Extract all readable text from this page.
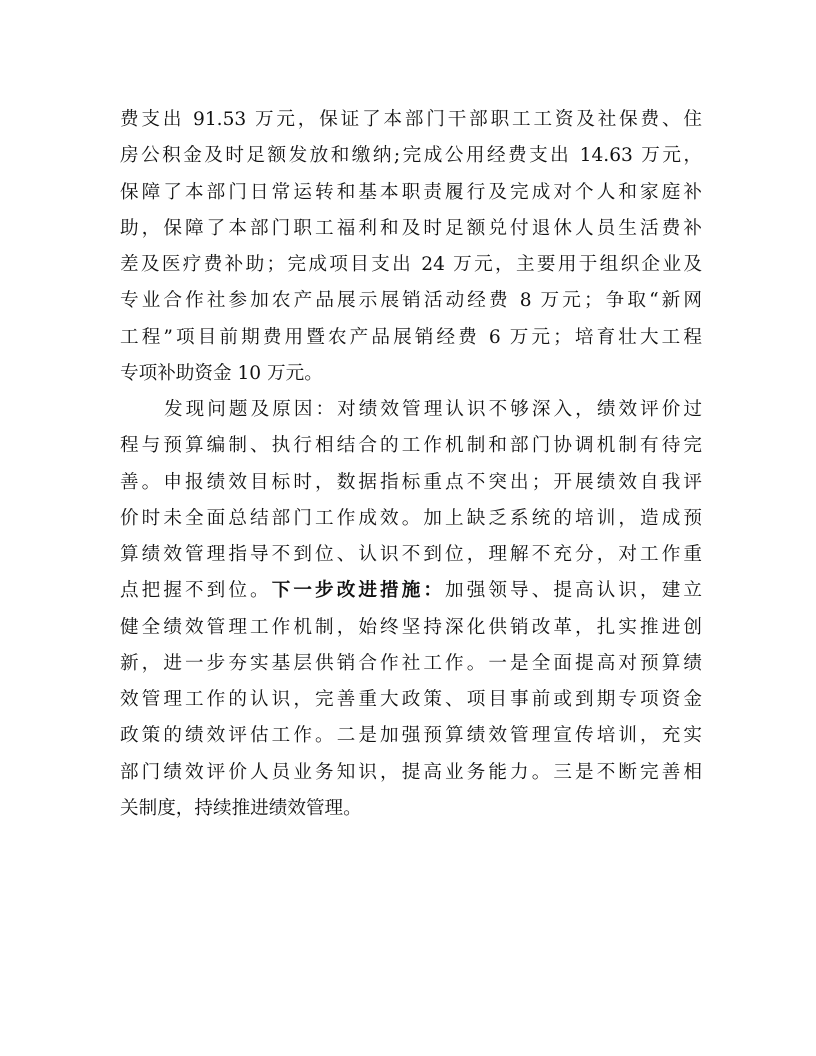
费支出 91.53 万元，保证了本部门干部职工工资及社保费、住
房公积金及时足额发放和缴纳;完成公用经费支出 14.63 万元，
保障了本部门日常运转和基本职责履行及完成对个人和家庭补
助，保障了本部门职工福利和及时足额兑付退休人员生活费补
差及医疗费补助；完成项目支出 24 万元，主要用于组织企业及
专业合作社参加农产品展示展销活动经费 8 万元；争取“新网
工程”项目前期费用暨农产品展销经费 6 万元；培育壮大工程
专项补助资金 10 万元。
发现问题及原因：对绩效管理认识不够深入，绩效评价过
程与预算编制、执行相结合的工作机制和部门协调机制有待完
善。申报绩效目标时，数据指标重点不突出；开展绩效自我评
价时未全面总结部门工作成效。加上缺乏系统的培训，造成预
算绩效管理指导不到位、认识不到位，理解不充分，对工作重
点把握不到位。下一步改进措施：加强领导、提高认识，建立
健全绩效管理工作机制，始终坚持深化供销改革，扎实推进创
新，进一步夯实基层供销合作社工作。一是全面提高对预算绩
效管理工作的认识，完善重大政策、项目事前或到期专项资金
政策的绩效评估工作。二是加强预算绩效管理宣传培训，充实
部门绩效评价人员业务知识，提高业务能力。三是不断完善相
关制度，持续推进绩效管理。
